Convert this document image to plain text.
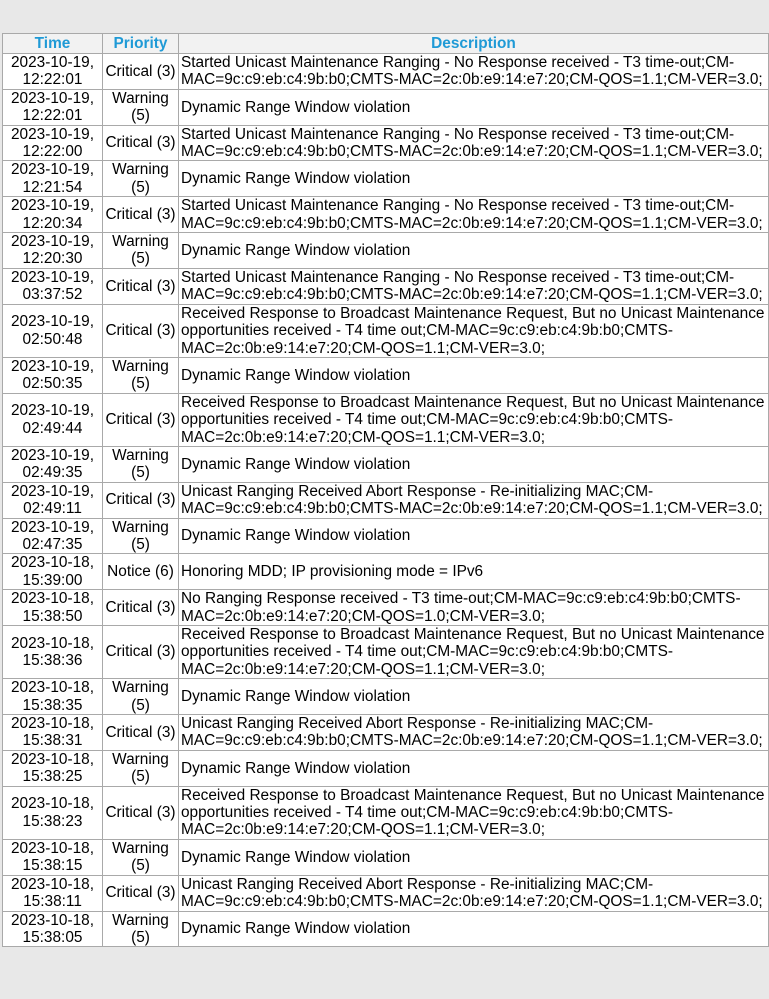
Time	Priority	Description
2023-10-19, 12:22:01	Critical (3)	Started Unicast Maintenance Ranging - No Response received - T3 time-out;CM-MAC=9c:c9:eb:c4:9b:b0;CMTS-MAC=2c:0b:e9:14:e7:20;CM-QOS=1.1;CM-VER=3.0;
2023-10-19, 12:22:01	Warning (5)	Dynamic Range Window violation
2023-10-19, 12:22:00	Critical (3)	Started Unicast Maintenance Ranging - No Response received - T3 time-out;CM-MAC=9c:c9:eb:c4:9b:b0;CMTS-MAC=2c:0b:e9:14:e7:20;CM-QOS=1.1;CM-VER=3.0;
2023-10-19, 12:21:54	Warning (5)	Dynamic Range Window violation
2023-10-19, 12:20:34	Critical (3)	Started Unicast Maintenance Ranging - No Response received - T3 time-out;CM-MAC=9c:c9:eb:c4:9b:b0;CMTS-MAC=2c:0b:e9:14:e7:20;CM-QOS=1.1;CM-VER=3.0;
2023-10-19, 12:20:30	Warning (5)	Dynamic Range Window violation
2023-10-19, 03:37:52	Critical (3)	Started Unicast Maintenance Ranging - No Response received - T3 time-out;CM-MAC=9c:c9:eb:c4:9b:b0;CMTS-MAC=2c:0b:e9:14:e7:20;CM-QOS=1.1;CM-VER=3.0;
2023-10-19, 02:50:48	Critical (3)	Received Response to Broadcast Maintenance Request, But no Unicast Maintenance opportunities received - T4 time out;CM-MAC=9c:c9:eb:c4:9b:b0;CMTS-MAC=2c:0b:e9:14:e7:20;CM-QOS=1.1;CM-VER=3.0;
2023-10-19, 02:50:35	Warning (5)	Dynamic Range Window violation
2023-10-19, 02:49:44	Critical (3)	Received Response to Broadcast Maintenance Request, But no Unicast Maintenance opportunities received - T4 time out;CM-MAC=9c:c9:eb:c4:9b:b0;CMTS-MAC=2c:0b:e9:14:e7:20;CM-QOS=1.1;CM-VER=3.0;
2023-10-19, 02:49:35	Warning (5)	Dynamic Range Window violation
2023-10-19, 02:49:11	Critical (3)	Unicast Ranging Received Abort Response - Re-initializing MAC;CM-MAC=9c:c9:eb:c4:9b:b0;CMTS-MAC=2c:0b:e9:14:e7:20;CM-QOS=1.1;CM-VER=3.0;
2023-10-19, 02:47:35	Warning (5)	Dynamic Range Window violation
2023-10-18, 15:39:00	Notice (6)	Honoring MDD; IP provisioning mode = IPv6
2023-10-18, 15:38:50	Critical (3)	No Ranging Response received - T3 time-out;CM-MAC=9c:c9:eb:c4:9b:b0;CMTS-MAC=2c:0b:e9:14:e7:20;CM-QOS=1.0;CM-VER=3.0;
2023-10-18, 15:38:36	Critical (3)	Received Response to Broadcast Maintenance Request, But no Unicast Maintenance opportunities received - T4 time out;CM-MAC=9c:c9:eb:c4:9b:b0;CMTS-MAC=2c:0b:e9:14:e7:20;CM-QOS=1.1;CM-VER=3.0;
2023-10-18, 15:38:35	Warning (5)	Dynamic Range Window violation
2023-10-18, 15:38:31	Critical (3)	Unicast Ranging Received Abort Response - Re-initializing MAC;CM-MAC=9c:c9:eb:c4:9b:b0;CMTS-MAC=2c:0b:e9:14:e7:20;CM-QOS=1.1;CM-VER=3.0;
2023-10-18, 15:38:25	Warning (5)	Dynamic Range Window violation
2023-10-18, 15:38:23	Critical (3)	Received Response to Broadcast Maintenance Request, But no Unicast Maintenance opportunities received - T4 time out;CM-MAC=9c:c9:eb:c4:9b:b0;CMTS-MAC=2c:0b:e9:14:e7:20;CM-QOS=1.1;CM-VER=3.0;
2023-10-18, 15:38:15	Warning (5)	Dynamic Range Window violation
2023-10-18, 15:38:11	Critical (3)	Unicast Ranging Received Abort Response - Re-initializing MAC;CM-MAC=9c:c9:eb:c4:9b:b0;CMTS-MAC=2c:0b:e9:14:e7:20;CM-QOS=1.1;CM-VER=3.0;
2023-10-18, 15:38:05	Warning (5)	Dynamic Range Window violation
